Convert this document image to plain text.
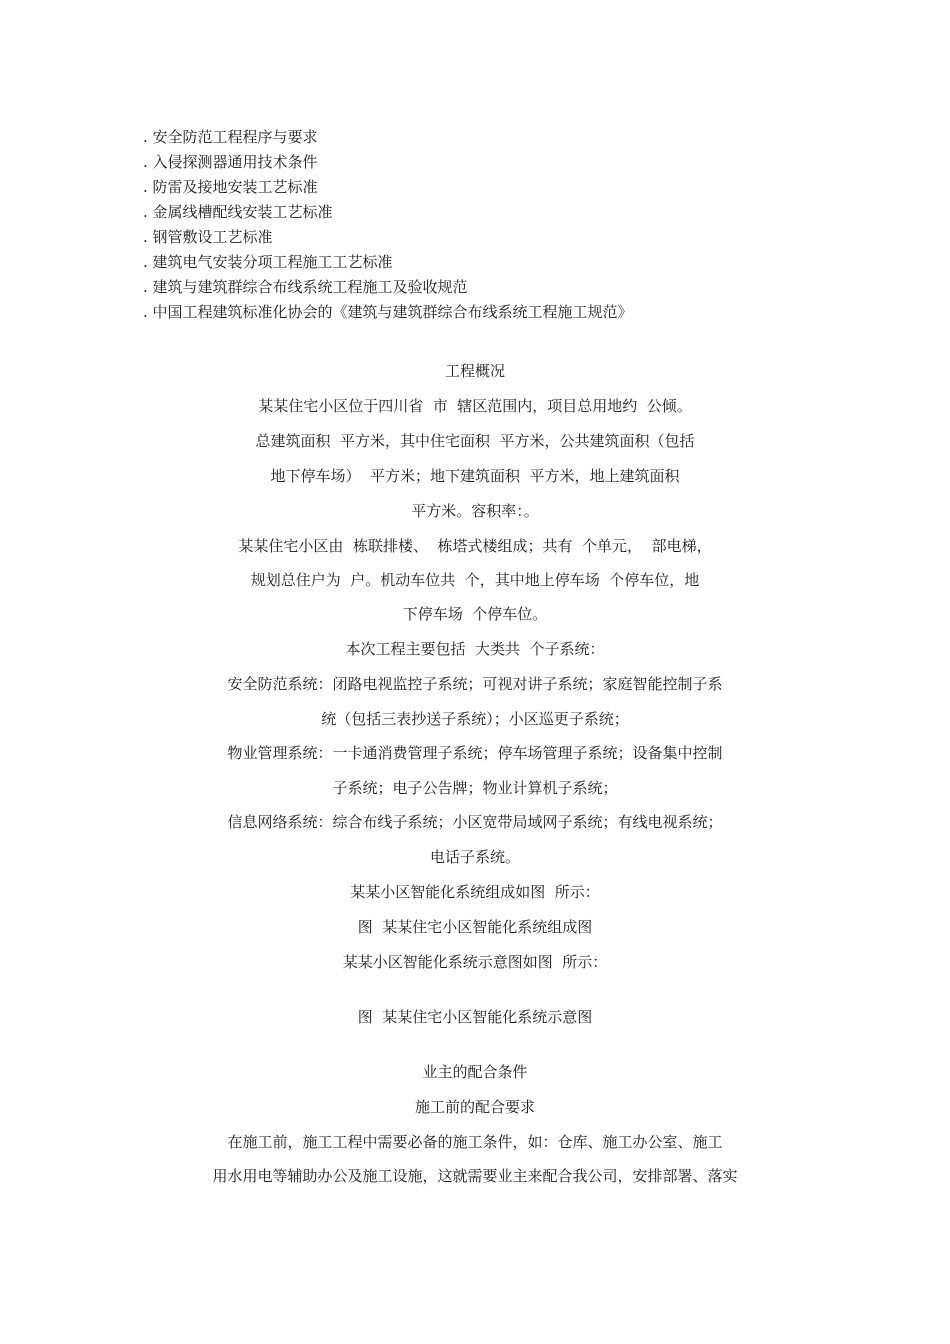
. 安全防范工程程序与要求
. 入侵探测器通用技术条件
. 防雷及接地安装工艺标准
. 金属线槽配线安装工艺标准
. 钢管敷设工艺标准
. 建筑电气安装分项工程施工工艺标准
. 建筑与建筑群综合布线系统工程施工及验收规范
. 中国工程建筑标准化协会的《建筑与建筑群综合布线系统工程施工规范》
工程概况
某某住宅小区位于四川省  市  辖区范围内，项目总用地约  公倾。
总建筑面积  平方米，其中住宅面积  平方米，公共建筑面积（包括
地下停车场）  平方米；地下建筑面积  平方米，地上建筑面积
平方米。容积率：。
某某住宅小区由  栋联排楼、  栋塔式楼组成；共有  个单元，  部电梯，
规划总住户为  户。机动车位共  个，其中地上停车场  个停车位，地
下停车场  个停车位。
本次工程主要包括  大类共  个子系统：
安全防范系统：闭路电视监控子系统；可视对讲子系统；家庭智能控制子系
统（包括三表抄送子系统）；小区巡更子系统；
物业管理系统：一卡通消费管理子系统；停车场管理子系统；设备集中控制
子系统；电子公告牌；物业计算机子系统；
信息网络系统：综合布线子系统；小区宽带局域网子系统；有线电视系统；
电话子系统。
某某小区智能化系统组成如图  所示：
图  某某住宅小区智能化系统组成图
某某小区智能化系统示意图如图  所示：
图  某某住宅小区智能化系统示意图
业主的配合条件
施工前的配合要求
在施工前，施工工程中需要必备的施工条件，如：仓库、施工办公室、施工
用水用电等辅助办公及施工设施，这就需要业主来配合我公司，安排部署、落实
